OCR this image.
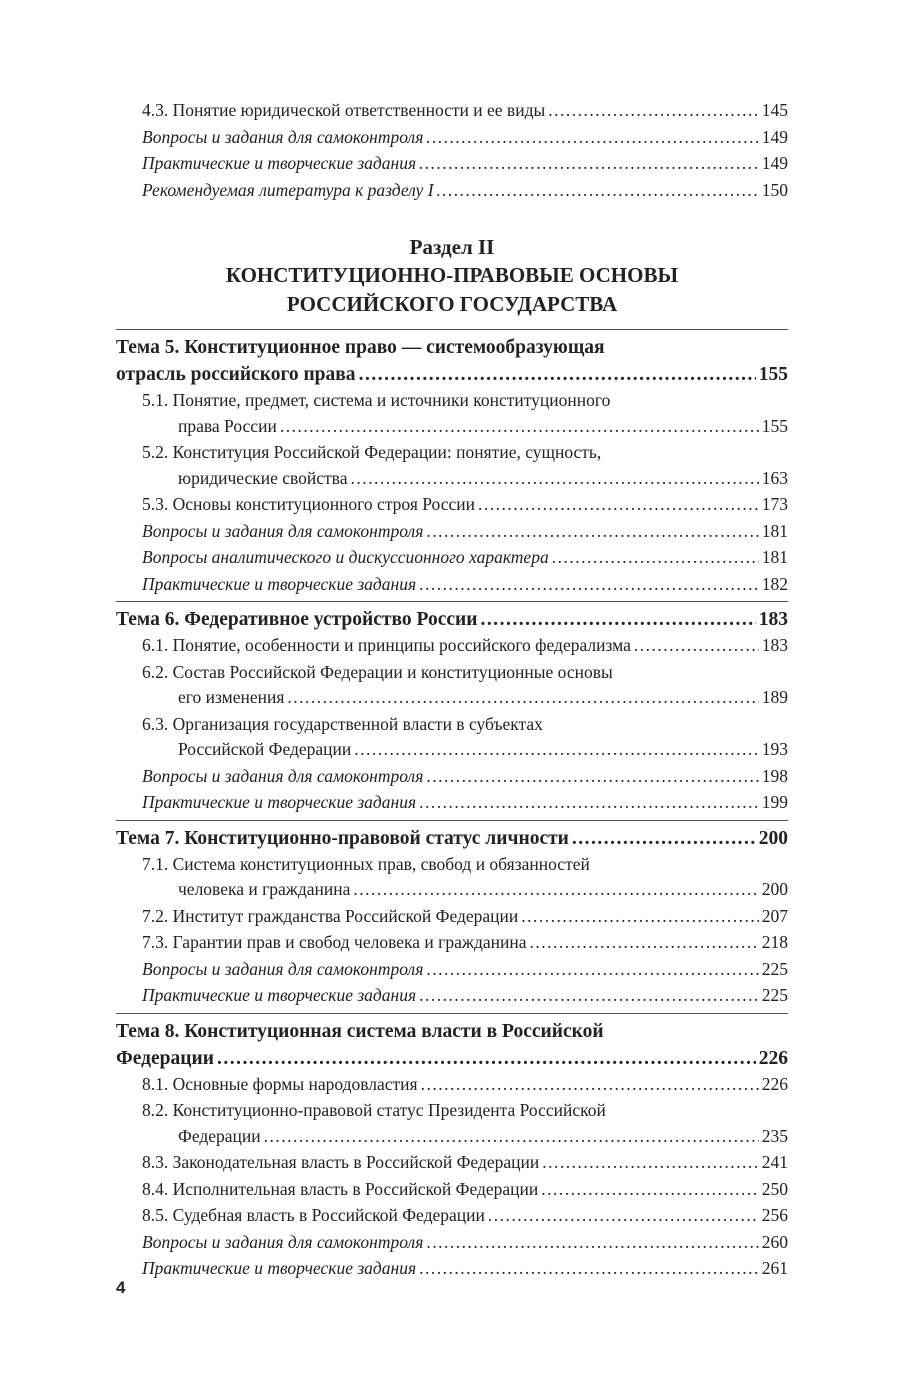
4.3. Понятие юридической ответственности и ее виды .....	145
Вопросы и задания для самоконтроля .....	149
Практические и творческие задания .....	149
Рекомендуемая литература к разделу I .....	150
Раздел II
КОНСТИТУЦИОННО-ПРАВОВЫЕ ОСНОВЫ
РОССИЙСКОГО ГОСУДАРСТВА
Тема 5. Конституционное право — системообразующая
отрасль российского права .....	155
5.1. Понятие, предмет, система и источники конституционного
права России .....	155
5.2. Конституция Российской Федерации: понятие, сущность,
юридические свойства .....	163
5.3. Основы конституционного строя России .....	173
Вопросы и задания для самоконтроля .....	181
Вопросы аналитического и дискуссионного характера .....	181
Практические и творческие задания .....	182
Тема 6. Федеративное устройство России .....	183
6.1. Понятие, особенности и принципы российского федерализма .....	183
6.2. Состав Российской Федерации и конституционные основы
его изменения .....	189
6.3. Организация государственной власти в субъектах
Российской Федерации .....	193
Вопросы и задания для самоконтроля .....	198
Практические и творческие задания .....	199
Тема 7. Конституционно-правовой статус личности .....	200
7.1. Система конституционных прав, свобод и обязанностей
человека и гражданина .....	200
7.2. Институт гражданства Российской Федерации .....	207
7.3. Гарантии прав и свобод человека и гражданина .....	218
Вопросы и задания для самоконтроля .....	225
Практические и творческие задания .....	225
Тема 8. Конституционная система власти в Российской
Федерации .....	226
8.1. Основные формы народовластия .....	226
8.2. Конституционно-правовой статус Президента Российской
Федерации .....	235
8.3. Законодательная власть в Российской Федерации .....	241
8.4. Исполнительная власть в Российской Федерации .....	250
8.5. Судебная власть в Российской Федерации .....	256
Вопросы и задания для самоконтроля .....	260
Практические и творческие задания .....	261
4
